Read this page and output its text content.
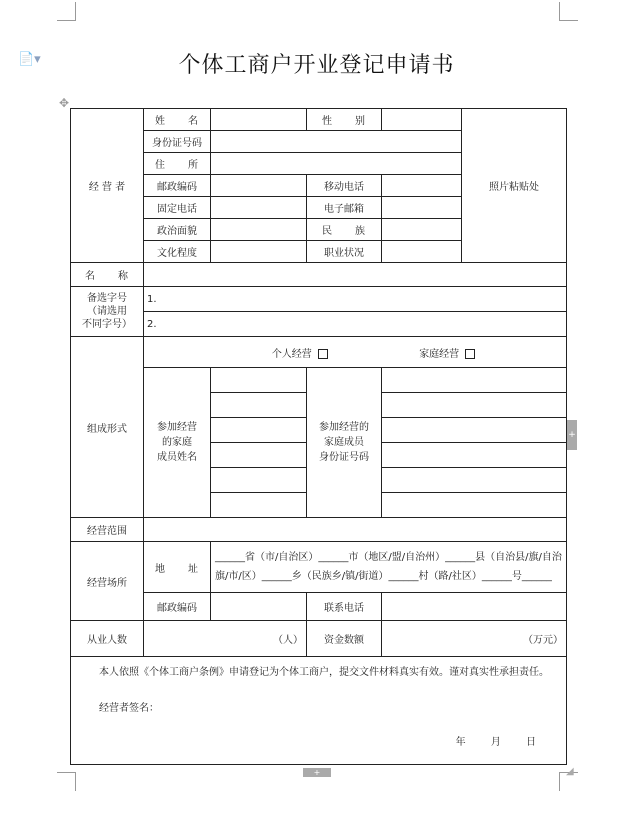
📄▾
✥
+
+	◢
个体工商户开业登记申请书
经 营 者	姓　　名		性　　别		照片粘贴处
	身份证号码				
	住　　所				
	邮政编码		移动电话		
	固定电话		电子邮箱		
	政治面貌		民　　族		
	文化程度		职业状况		
名　　称					
备选字号
（请选用
不同字号）	1.				
	2.				
组成形式	个人经营 家庭经营				
	参加经营
的家庭
成员姓名		参加经营的
家庭成员
身份证号码		

经营范围					
经营场所	地　　址	______省（市/自治区）______市（地区/盟/自治州）______县（自治县/旗/自治旗/市/区）______乡（民族乡/镇/街道）______村（路/社区）______号______			
	邮政编码		联系电话		
从业人数	（人）		资金数额	（万元）	

本人依照《个体工商户条例》申请登记为个体工商户，提交文件材料真实有效。谨对真实性承担责任。
经营者签名：
年 月 日					
